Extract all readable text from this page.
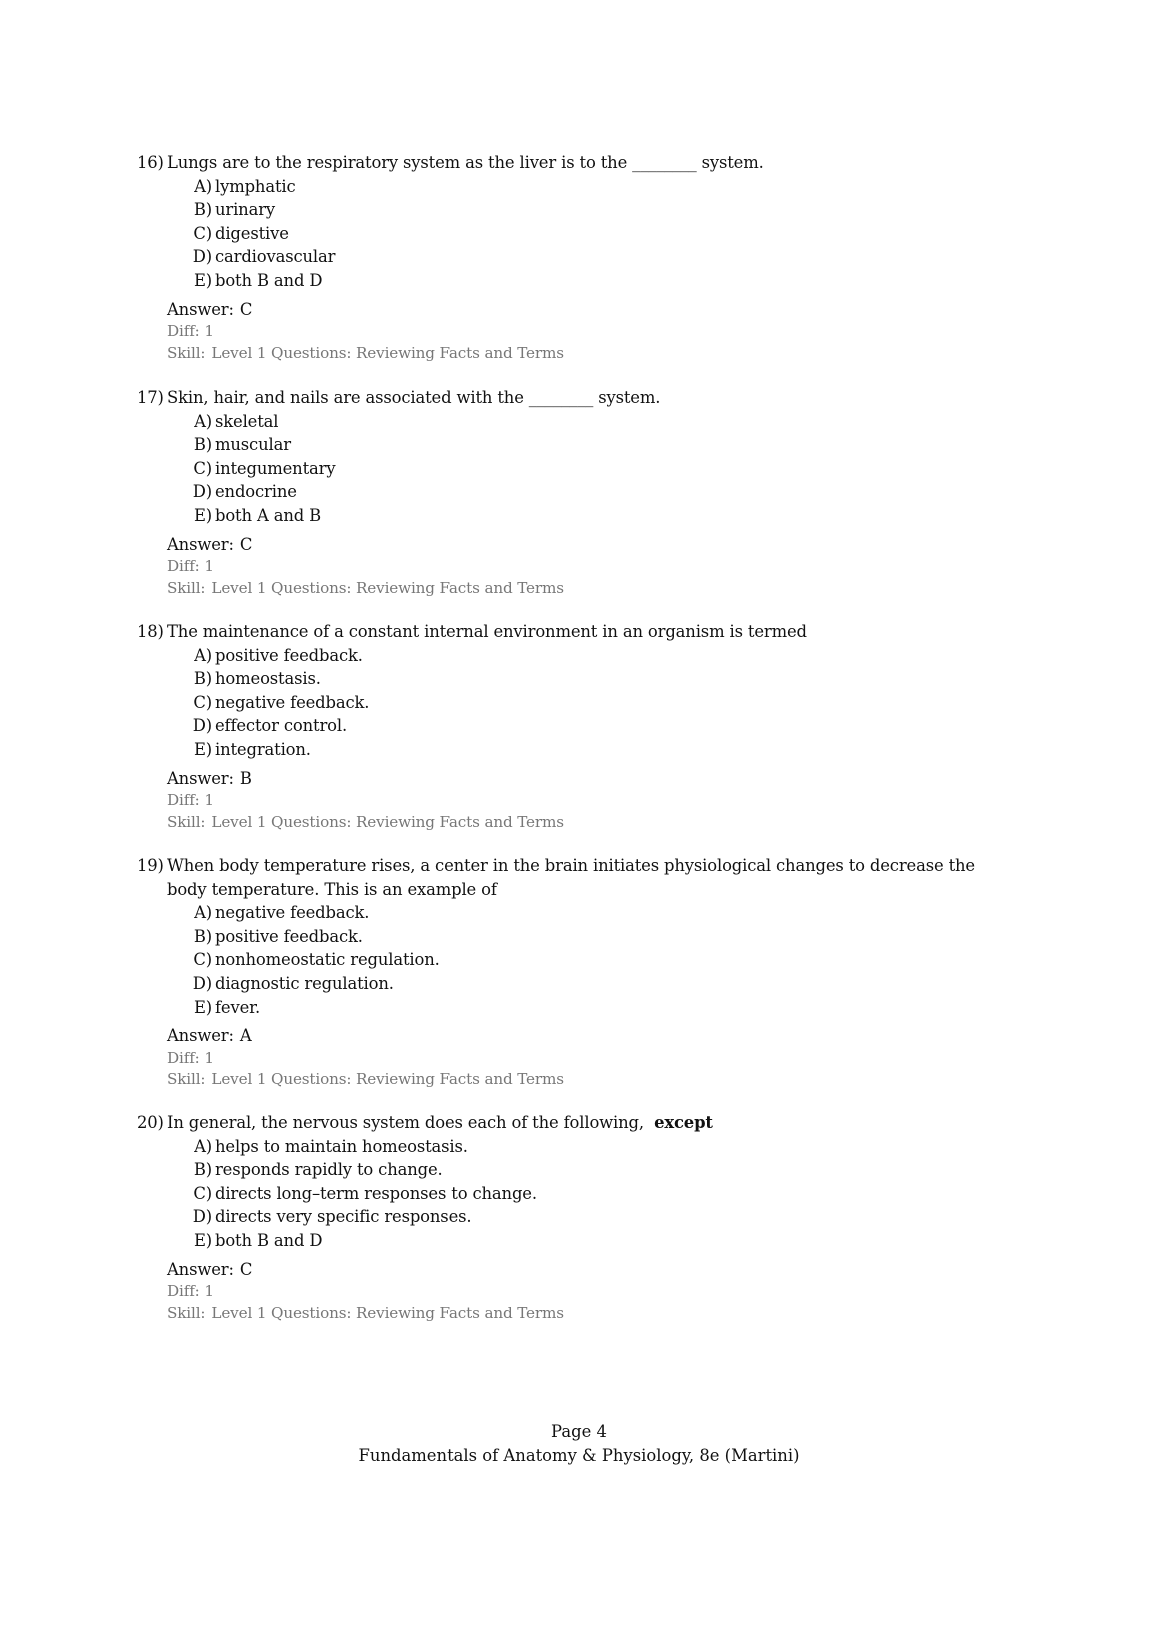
16) Lungs are to the respiratory system as the liver is to the ________ system.
A) lymphatic
B) urinary
C) digestive
D) cardiovascular
E) both B and D
Answer: C
Diff: 1
Skill: Level 1 Questions: Reviewing Facts and Terms
17) Skin, hair, and nails are associated with the ________ system.
A) skeletal
B) muscular
C) integumentary
D) endocrine
E) both A and B
Answer: C
Diff: 1
Skill: Level 1 Questions: Reviewing Facts and Terms
18) The maintenance of a constant internal environment in an organism is termed
A) positive feedback.
B) homeostasis.
C) negative feedback.
D) effector control.
E) integration.
Answer: B
Diff: 1
Skill: Level 1 Questions: Reviewing Facts and Terms
19) When body temperature rises, a center in the brain initiates physiological changes to decrease the body temperature. This is an example of
A) negative feedback.
B) positive feedback.
C) nonhomeostatic regulation.
D) diagnostic regulation.
E) fever.
Answer: A
Diff: 1
Skill: Level 1 Questions: Reviewing Facts and Terms
20) In general, the nervous system does each of the following, except
A) helps to maintain homeostasis.
B) responds rapidly to change.
C) directs long–term responses to change.
D) directs very specific responses.
E) both B and D
Answer: C
Diff: 1
Skill: Level 1 Questions: Reviewing Facts and Terms
Page 4
Fundamentals of Anatomy & Physiology, 8e (Martini)
